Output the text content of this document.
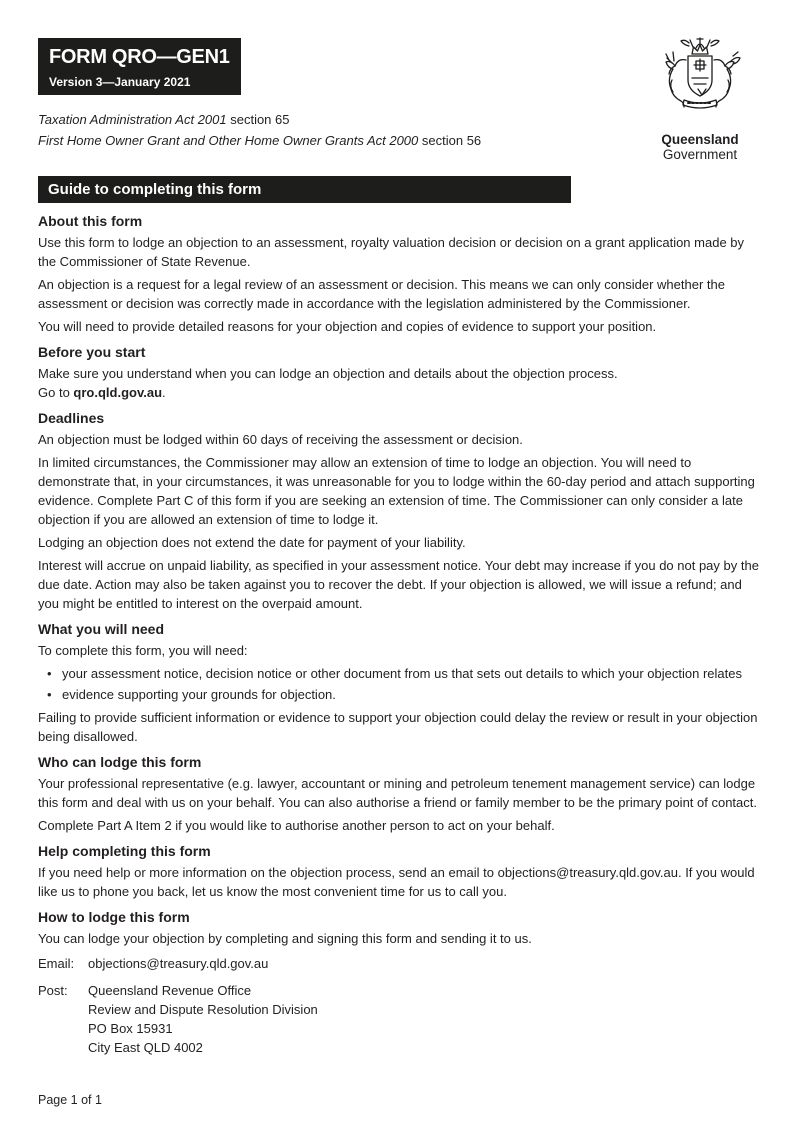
FORM QRO—GEN1
Version 3—January 2021
Queensland
Government
Taxation Administration Act 2001 section 65
First Home Owner Grant and Other Home Owner Grants Act 2000 section 56
Guide to completing this form
About this form

Use this form to lodge an objection to an assessment, royalty valuation decision or decision on a grant application made by the Commissioner of State Revenue.

An objection is a request for a legal review of an assessment or decision. This means we can only consider whether the assessment or decision was correctly made in accordance with the legislation administered by the Commissioner.

You will need to provide detailed reasons for your objection and copies of evidence to support your position.

Before you start

Make sure you understand when you can lodge an objection and details about the objection process.
Go to qro.qld.gov.au.

Deadlines

An objection must be lodged within 60 days of receiving the assessment or decision.

In limited circumstances, the Commissioner may allow an extension of time to lodge an objection. You will need to demonstrate that, in your circumstances, it was unreasonable for you to lodge within the 60-day period and attach supporting evidence. Complete Part C of this form if you are seeking an extension of time. The Commissioner can only consider a late objection if you are allowed an extension of time to lodge it.

Lodging an objection does not extend the date for payment of your liability.

Interest will accrue on unpaid liability, as specified in your assessment notice. Your debt may increase if you do not pay by the due date. Action may also be taken against you to recover the debt. If your objection is allowed, we will issue a refund; and you might be entitled to interest on the overpaid amount.

What you will need

To complete this form, you will need:

• your assessment notice, decision notice or other document from us that sets out details to which your objection relates
• evidence supporting your grounds for objection.

Failing to provide sufficient information or evidence to support your objection could delay the review or result in your objection being disallowed.

Who can lodge this form

Your professional representative (e.g. lawyer, accountant or mining and petroleum tenement management service) can lodge this form and deal with us on your behalf. You can also authorise a friend or family member to be the primary point of contact.

Complete Part A Item 2 if you would like to authorise another person to act on your behalf.

Help completing this form

If you need help or more information on the objection process, send an email to objections@treasury.qld.gov.au. If you would like us to phone you back, let us know the most convenient time for us to call you.

How to lodge this form

You can lodge your objection by completing and signing this form and sending it to us.

Email:	objections@treasury.qld.gov.au
Post:	Queensland Revenue Office
Review and Dispute Resolution Division
PO Box 15931
City East QLD 4002
Page 1 of 1
